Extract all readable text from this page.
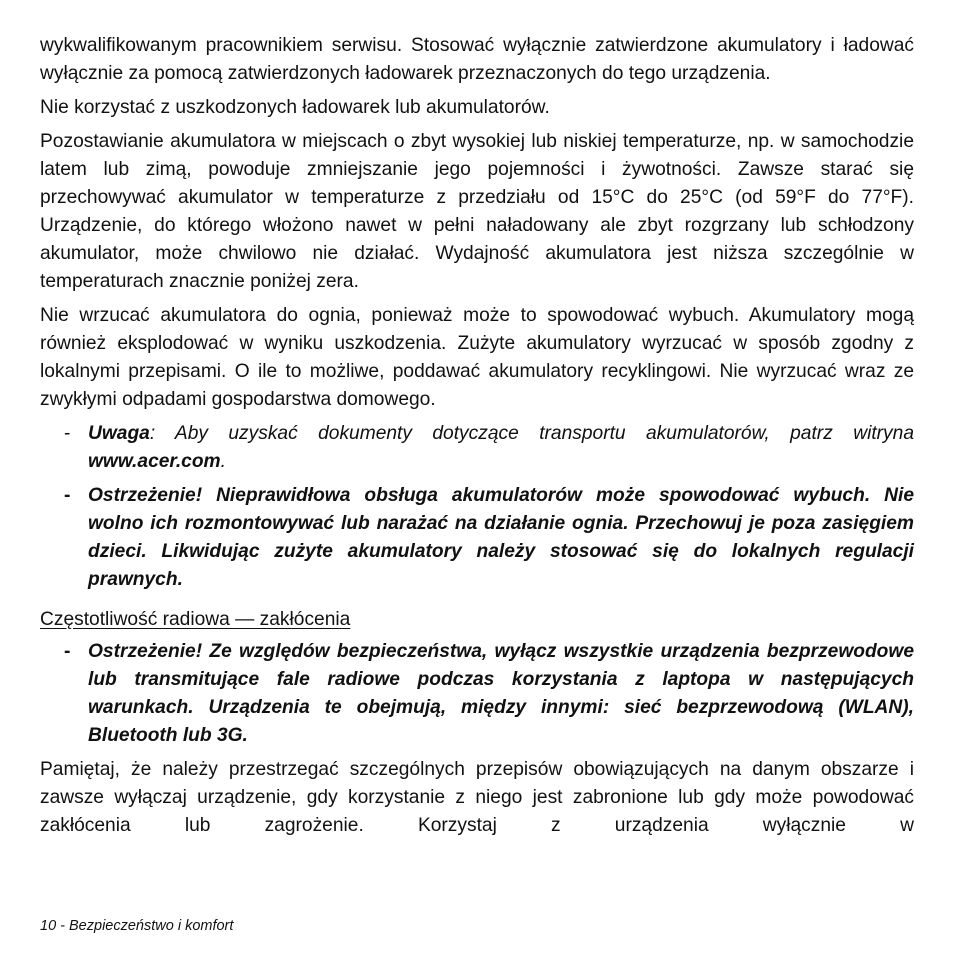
wykwalifikowanym pracownikiem serwisu. Stosować wyłącznie zatwierdzone akumulatory i ładować wyłącznie za pomocą zatwierdzonych ładowarek przeznaczonych do tego urządzenia.

Nie korzystać z uszkodzonych ładowarek lub akumulatorów.

Pozostawianie akumulatora w miejscach o zbyt wysokiej lub niskiej temperaturze, np. w samochodzie latem lub zimą, powoduje zmniejszanie jego pojemności i żywotności. Zawsze starać się przechowywać akumulator w temperaturze z przedziału od 15°C do 25°C (od 59°F do 77°F). Urządzenie, do którego włożono nawet w pełni naładowany ale zbyt rozgrzany lub schłodzony akumulator, może chwilowo nie działać. Wydajność akumulatora jest niższa szczególnie w temperaturach znacznie poniżej zera.

Nie wrzucać akumulatora do ognia, ponieważ może to spowodować wybuch. Akumulatory mogą również eksplodować w wyniku uszkodzenia. Zużyte akumulatory wyrzucać w sposób zgodny z lokalnymi przepisami. O ile to możliwe, poddawać akumulatory recyklingowi. Nie wyrzucać wraz ze zwykłymi odpadami gospodarstwa domowego.

- Uwaga: Aby uzyskać dokumenty dotyczące transportu akumulatorów, patrz witryna www.acer.com.
- Ostrzeżenie! Nieprawidłowa obsługa akumulatorów może spowodować wybuch. Nie wolno ich rozmontowywać lub narażać na działanie ognia. Przechowuj je poza zasięgiem dzieci. Likwidując zużyte akumulatory należy stosować się do lokalnych regulacji prawnych.
Częstotliwość radiowa — zakłócenia
- Ostrzeżenie! Ze względów bezpieczeństwa, wyłącz wszystkie urządzenia bezprzewodowe lub transmitujące fale radiowe podczas korzystania z laptopa w następujących warunkach. Urządzenia te obejmują, między innymi: sieć bezprzewodową (WLAN), Bluetooth lub 3G.

Pamiętaj, że należy przestrzegać szczególnych przepisów obowiązujących na danym obszarze i zawsze wyłączaj urządzenie, gdy korzystanie z niego jest zabronione lub gdy może powodować zakłócenia lub zagrożenie. Korzystaj z urządzenia wyłącznie w

10 - Bezpieczeństwo i komfort
